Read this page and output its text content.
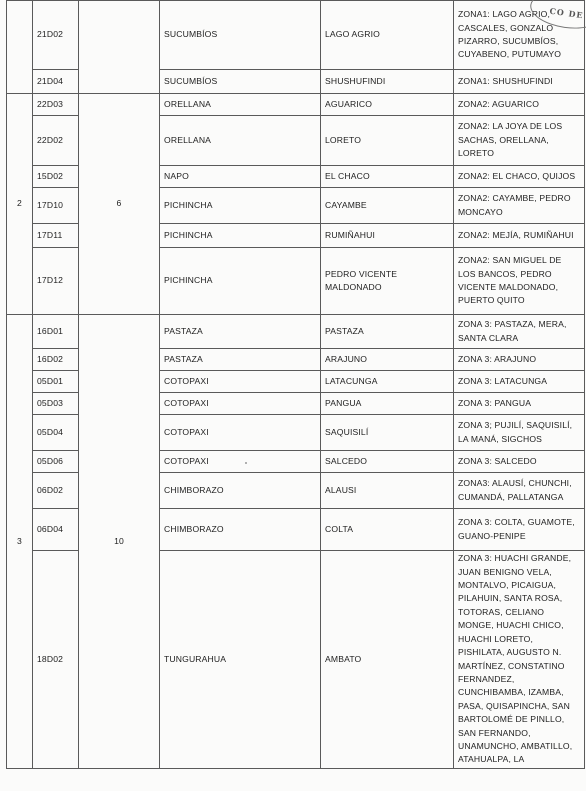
	21D02		SUCUMBÍOS	LAGO AGRIO	ZONA1: LAGO AGRIO, CASCALES, GONZALO PIZARRO, SUCUMBÍOS, CUYABENO, PUTUMAYO
	21D04		SUCUMBÍOS	SHUSHUFINDI	ZONA1: SHUSHUFINDI
2	22D03	6	ORELLANA	AGUARICO	ZONA2: AGUARICO
	22D02		ORELLANA	LORETO	ZONA2: LA JOYA DE LOS SACHAS, ORELLANA, LORETO
	15D02		NAPO	EL CHACO	ZONA2: EL CHACO, QUIJOS
	17D10		PICHINCHA	CAYAMBE	ZONA2: CAYAMBE, PEDRO MONCAYO
	17D11		PICHINCHA	RUMIÑAHUI	ZONA2: MEJÍA, RUMIÑAHUI
	17D12		PICHINCHA	PEDRO VICENTE MALDONADO	ZONA2: SAN MIGUEL DE LOS BANCOS, PEDRO VICENTE MALDONADO, PUERTO QUITO
3	16D01	10	PASTAZA	PASTAZA	ZONA 3: PASTAZA, MERA, SANTA CLARA
	16D02		PASTAZA	ARAJUNO	ZONA 3: ARAJUNO
	05D01		COTOPAXI	LATACUNGA	ZONA 3: LATACUNGA
	05D03		COTOPAXI	PANGUA	ZONA 3: PANGUA
	05D04		COTOPAXI	SAQUISILÍ	ZONA 3; PUJILÍ, SAQUISILÍ, LA MANÁ, SIGCHOS
	05D06		COTOPAXI	SALCEDO	ZONA 3: SALCEDO
	06D02		CHIMBORAZO	ALAUSI	ZONA3: ALAUSÍ, CHUNCHI, CUMANDÁ, PALLATANGA
	06D04		CHIMBORAZO	COLTA	ZONA 3: COLTA, GUAMOTE, GUANO-PENIPE
	18D02		TUNGURAHUA	AMBATO	ZONA 3: HUACHI GRANDE, JUAN BENIGNO VELA, MONTALVO, PICAIGUA, PILAHUIN, SANTA ROSA, TOTORAS, CELIANO MONGE, HUACHI CHICO, HUACHI LORETO, PISHILATA, AUGUSTO N. MARTÍNEZ, CONSTATINO FERNANDEZ, CUNCHIBAMBA, IZAMBA, PASA, QUISAPINCHA, SAN BARTOLOMÉ DE PINLLO, SAN FERNANDO, UNAMUNCHO, AMBATILLO, ATAHUALPA, LA
CO DE
